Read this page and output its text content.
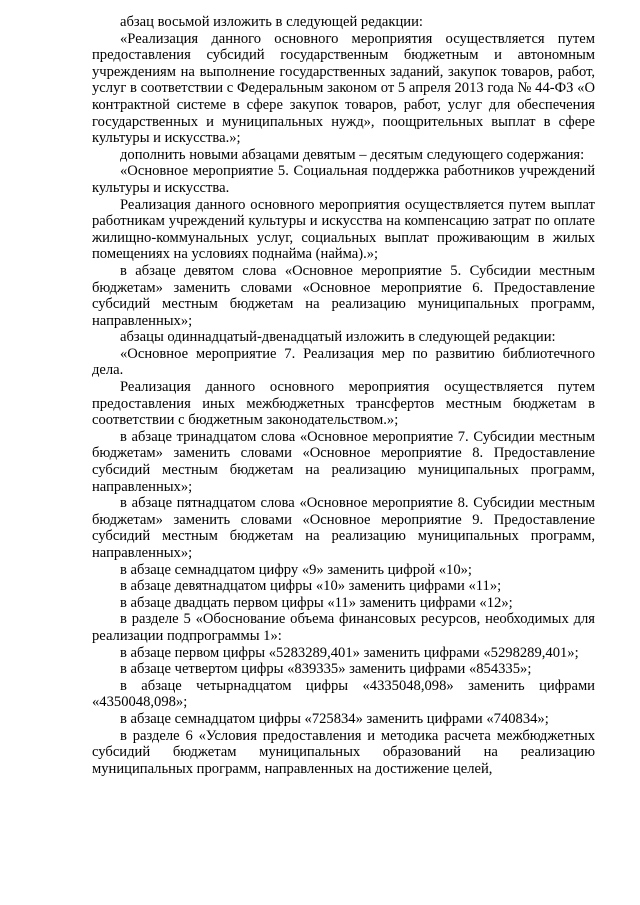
абзац восьмой изложить в следующей редакции:

«Реализация данного основного мероприятия осуществляется путем предоставления субсидий государственным бюджетным и автономным учреждениям на выполнение государственных заданий, закупок товаров, работ, услуг в соответствии с Федеральным законом от 5 апреля 2013 года № 44-ФЗ «О контрактной системе в сфере закупок товаров, работ, услуг для обеспечения государственных и муниципальных нужд», поощрительных выплат в сфере культуры и искусства.»;

дополнить новыми абзацами девятым – десятым следующего содержания:

«Основное мероприятие 5. Социальная поддержка работников учреждений культуры и искусства.

Реализация данного основного мероприятия осуществляется путем выплат работникам учреждений культуры и искусства на компенсацию затрат по оплате жилищно-коммунальных услуг, социальных выплат проживающим в жилых помещениях на условиях поднайма (найма).»;

в абзаце девятом слова «Основное мероприятие 5. Субсидии местным бюджетам» заменить словами «Основное мероприятие 6. Предоставление субсидий местным бюджетам на реализацию муниципальных программ, направленных»;

абзацы одиннадцатый-двенадцатый изложить в следующей редакции:

«Основное мероприятие 7. Реализация мер по развитию библиотечного дела.

Реализация данного основного мероприятия осуществляется путем предоставления иных межбюджетных трансфертов местным бюджетам в соответствии с бюджетным законодательством.»;

в абзаце тринадцатом слова «Основное мероприятие 7. Субсидии местным бюджетам» заменить словами «Основное мероприятие 8. Предоставление субсидий местным бюджетам на реализацию муниципальных программ, направленных»;

в абзаце пятнадцатом слова «Основное мероприятие 8. Субсидии местным бюджетам» заменить словами «Основное мероприятие 9. Предоставление субсидий местным бюджетам на реализацию муниципальных программ, направленных»;

в абзаце семнадцатом цифру «9» заменить цифрой «10»;

в абзаце девятнадцатом цифры «10» заменить цифрами «11»;

в абзаце двадцать первом цифры «11» заменить цифрами «12»;

в разделе 5 «Обоснование объема финансовых ресурсов, необходимых для реализации подпрограммы 1»:

в абзаце первом цифры «5283289,401» заменить цифрами «5298289,401»;

в абзаце четвертом цифры «839335» заменить цифрами «854335»;

в абзаце четырнадцатом цифры «4335048,098» заменить цифрами «4350048,098»;

в абзаце семнадцатом цифры «725834» заменить цифрами «740834»;

в разделе 6 «Условия предоставления и методика расчета межбюджетных субсидий бюджетам муниципальных образований на реализацию муниципальных программ, направленных на достижение целей,
